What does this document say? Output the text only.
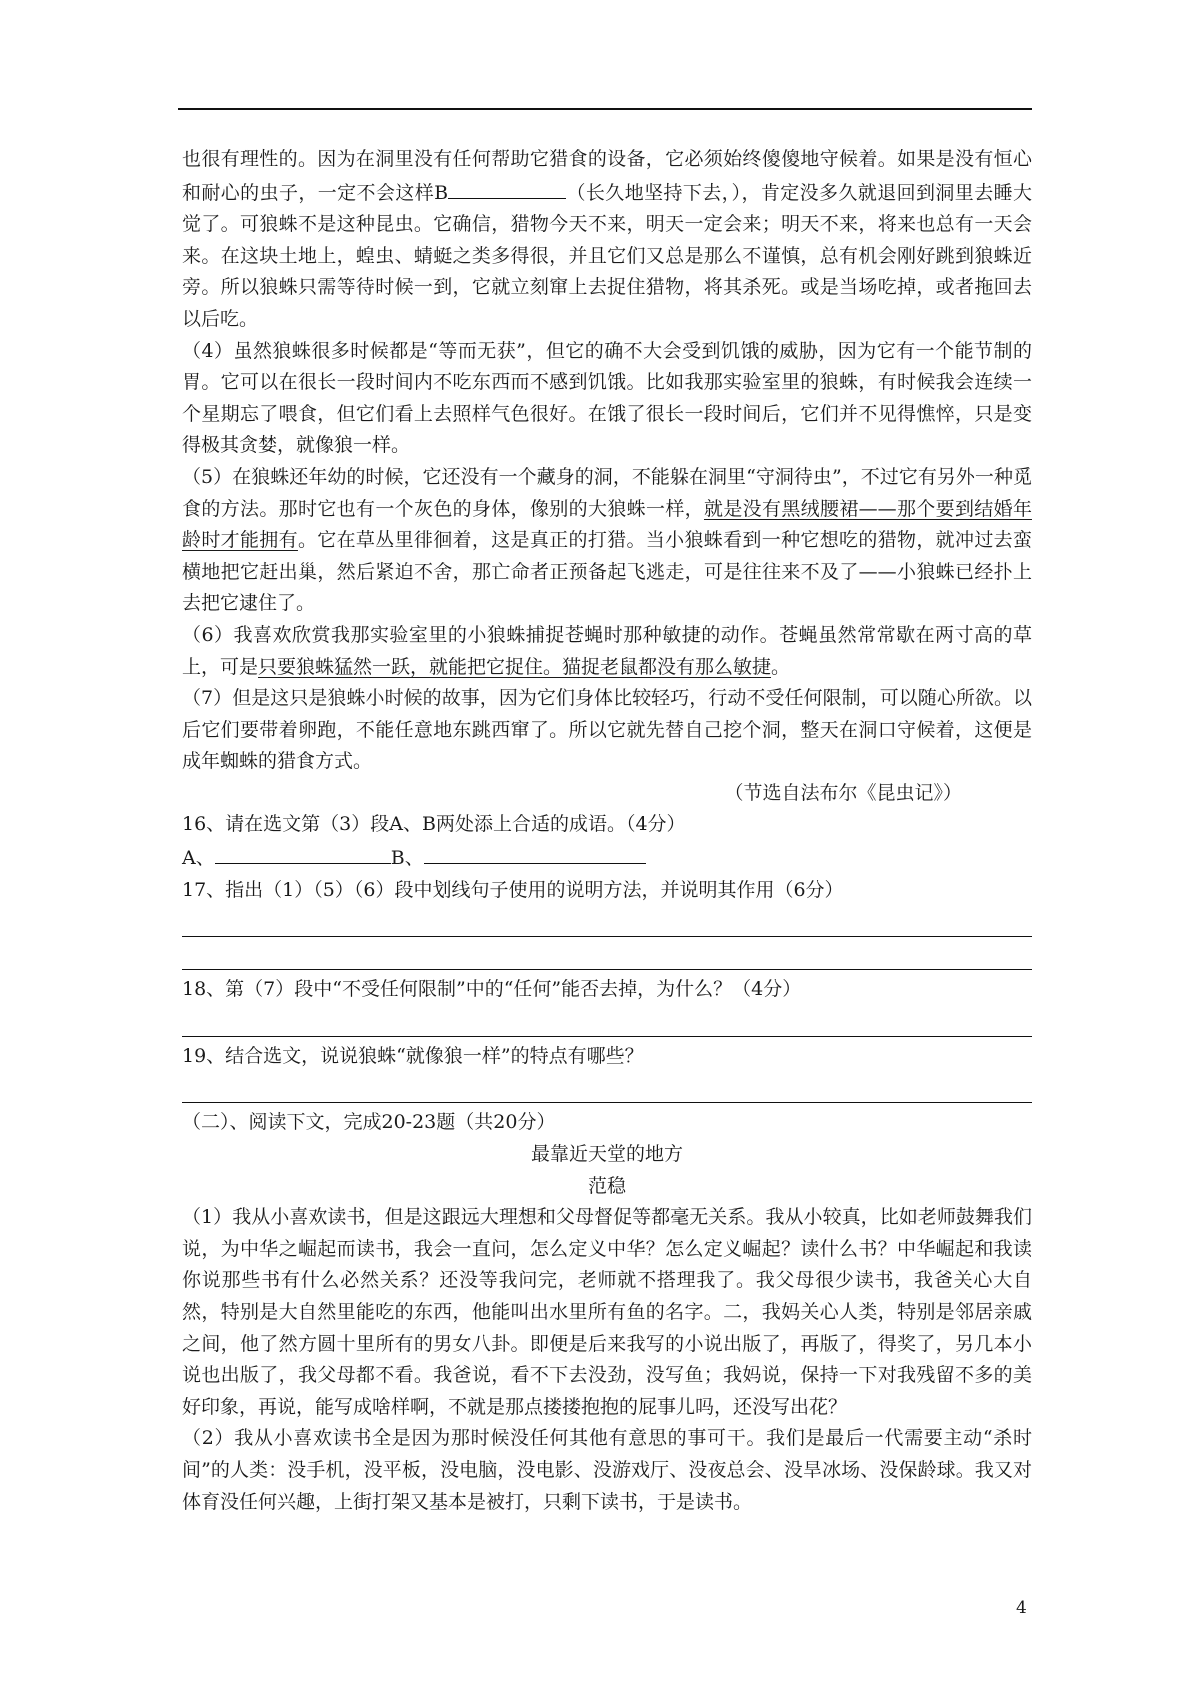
也很有理性的。因为在洞里没有任何帮助它猎食的设备，它必须始终傻傻地守候着。如果是没有恒心和耐心的虫子，一定不会这样B	（长久地坚持下去，），肯定没多久就退回到洞里去睡大觉了。可狼蛛不是这种昆虫。它确信，猎物今天不来，明天一定会来；明天不来，将来也总有一天会来。在这块土地上，蝗虫、蜻蜓之类多得很，并且它们又总是那么不谨慎，总有机会刚好跳到狼蛛近旁。所以狼蛛只需等待时候一到，它就立刻窜上去捉住猎物，将其杀死。或是当场吃掉，或者拖回去以后吃。

（4）虽然狼蛛很多时候都是“等而无获”，但它的确不大会受到饥饿的威胁，因为它有一个能节制的胃。它可以在很长一段时间内不吃东西而不感到饥饿。比如我那实验室里的狼蛛，有时候我会连续一个星期忘了喂食，但它们看上去照样气色很好。在饿了很长一段时间后，它们并不见得憔悴，只是变得极其贪婪，就像狼一样。

（5）在狼蛛还年幼的时候，它还没有一个藏身的洞，不能躲在洞里“守洞待虫”，不过它有另外一种觅食的方法。那时它也有一个灰色的身体，像别的大狼蛛一样，就是没有黑绒腰裙——那个要到结婚年龄时才能拥有。它在草丛里徘徊着，这是真正的打猎。当小狼蛛看到一种它想吃的猎物，就冲过去蛮横地把它赶出巢，然后紧迫不舍，那亡命者正预备起飞逃走，可是往往来不及了——小狼蛛已经扑上去把它逮住了。

（6）我喜欢欣赏我那实验室里的小狼蛛捕捉苍蝇时那种敏捷的动作。苍蝇虽然常常歇在两寸高的草上，可是只要狼蛛猛然一跃，就能把它捉住。猫捉老鼠都没有那么敏捷。

（7）但是这只是狼蛛小时候的故事，因为它们身体比较轻巧，行动不受任何限制，可以随心所欲。以后它们要带着卵跑，不能任意地东跳西窜了。所以它就先替自己挖个洞，整天在洞口守候着，这便是成年蜘蛛的猎食方式。

（节选自法布尔《昆虫记》）

16、请在选文第（3）段A、B两处添上合适的成语。（4分）

A、	B、

17、指出（1）（5）（6）段中划线句子使用的说明方法，并说明其作用（6分）

18、第（7）段中“不受任何限制”中的“任何”能否去掉，为什么？（4分）

19、结合选文，说说狼蛛“就像狼一样”的特点有哪些？

（二）、阅读下文，完成20-23题（共20分）

最靠近天堂的地方

范稳

（1）我从小喜欢读书，但是这跟远大理想和父母督促等都毫无关系。我从小较真，比如老师鼓舞我们说，为中华之崛起而读书，我会一直问，怎么定义中华？怎么定义崛起？读什么书？中华崛起和我读你说那些书有什么必然关系？还没等我问完，老师就不搭理我了。我父母很少读书，我爸关心大自然，特别是大自然里能吃的东西，他能叫出水里所有鱼的名字。二，我妈关心人类，特别是邻居亲戚之间，他了然方圆十里所有的男女八卦。即便是后来我写的小说出版了，再版了，得奖了，另几本小说也出版了，我父母都不看。我爸说，看不下去没劲，没写鱼；我妈说，保持一下对我残留不多的美好印象，再说，能写成啥样啊，不就是那点搂搂抱抱的屁事儿吗，还没写出花？

（2）我从小喜欢读书全是因为那时候没任何其他有意思的事可干。我们是最后一代需要主动“杀时间”的人类：没手机，没平板，没电脑，没电影、没游戏厅、没夜总会、没旱冰场、没保龄球。我又对体育没任何兴趣，上街打架又基本是被打，只剩下读书，于是读书。

4
